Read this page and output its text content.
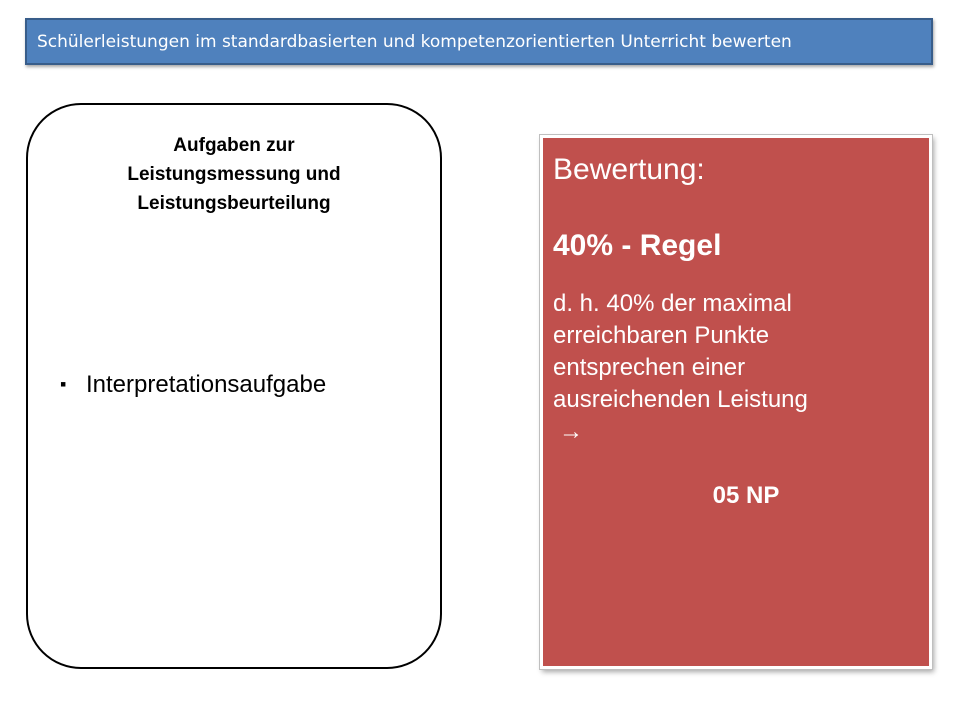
Schülerleistungen im standardbasierten und kompetenzorientierten Unterricht bewerten
Aufgaben zur
Leistungsmessung und
Leistungsbeurteilung
▪ Interpretationsaufgabe
Bewertung:
40% - Regel
d. h. 40% der maximal
erreichbaren Punkte
entsprechen einer
ausreichenden Leistung
→
05 NP
